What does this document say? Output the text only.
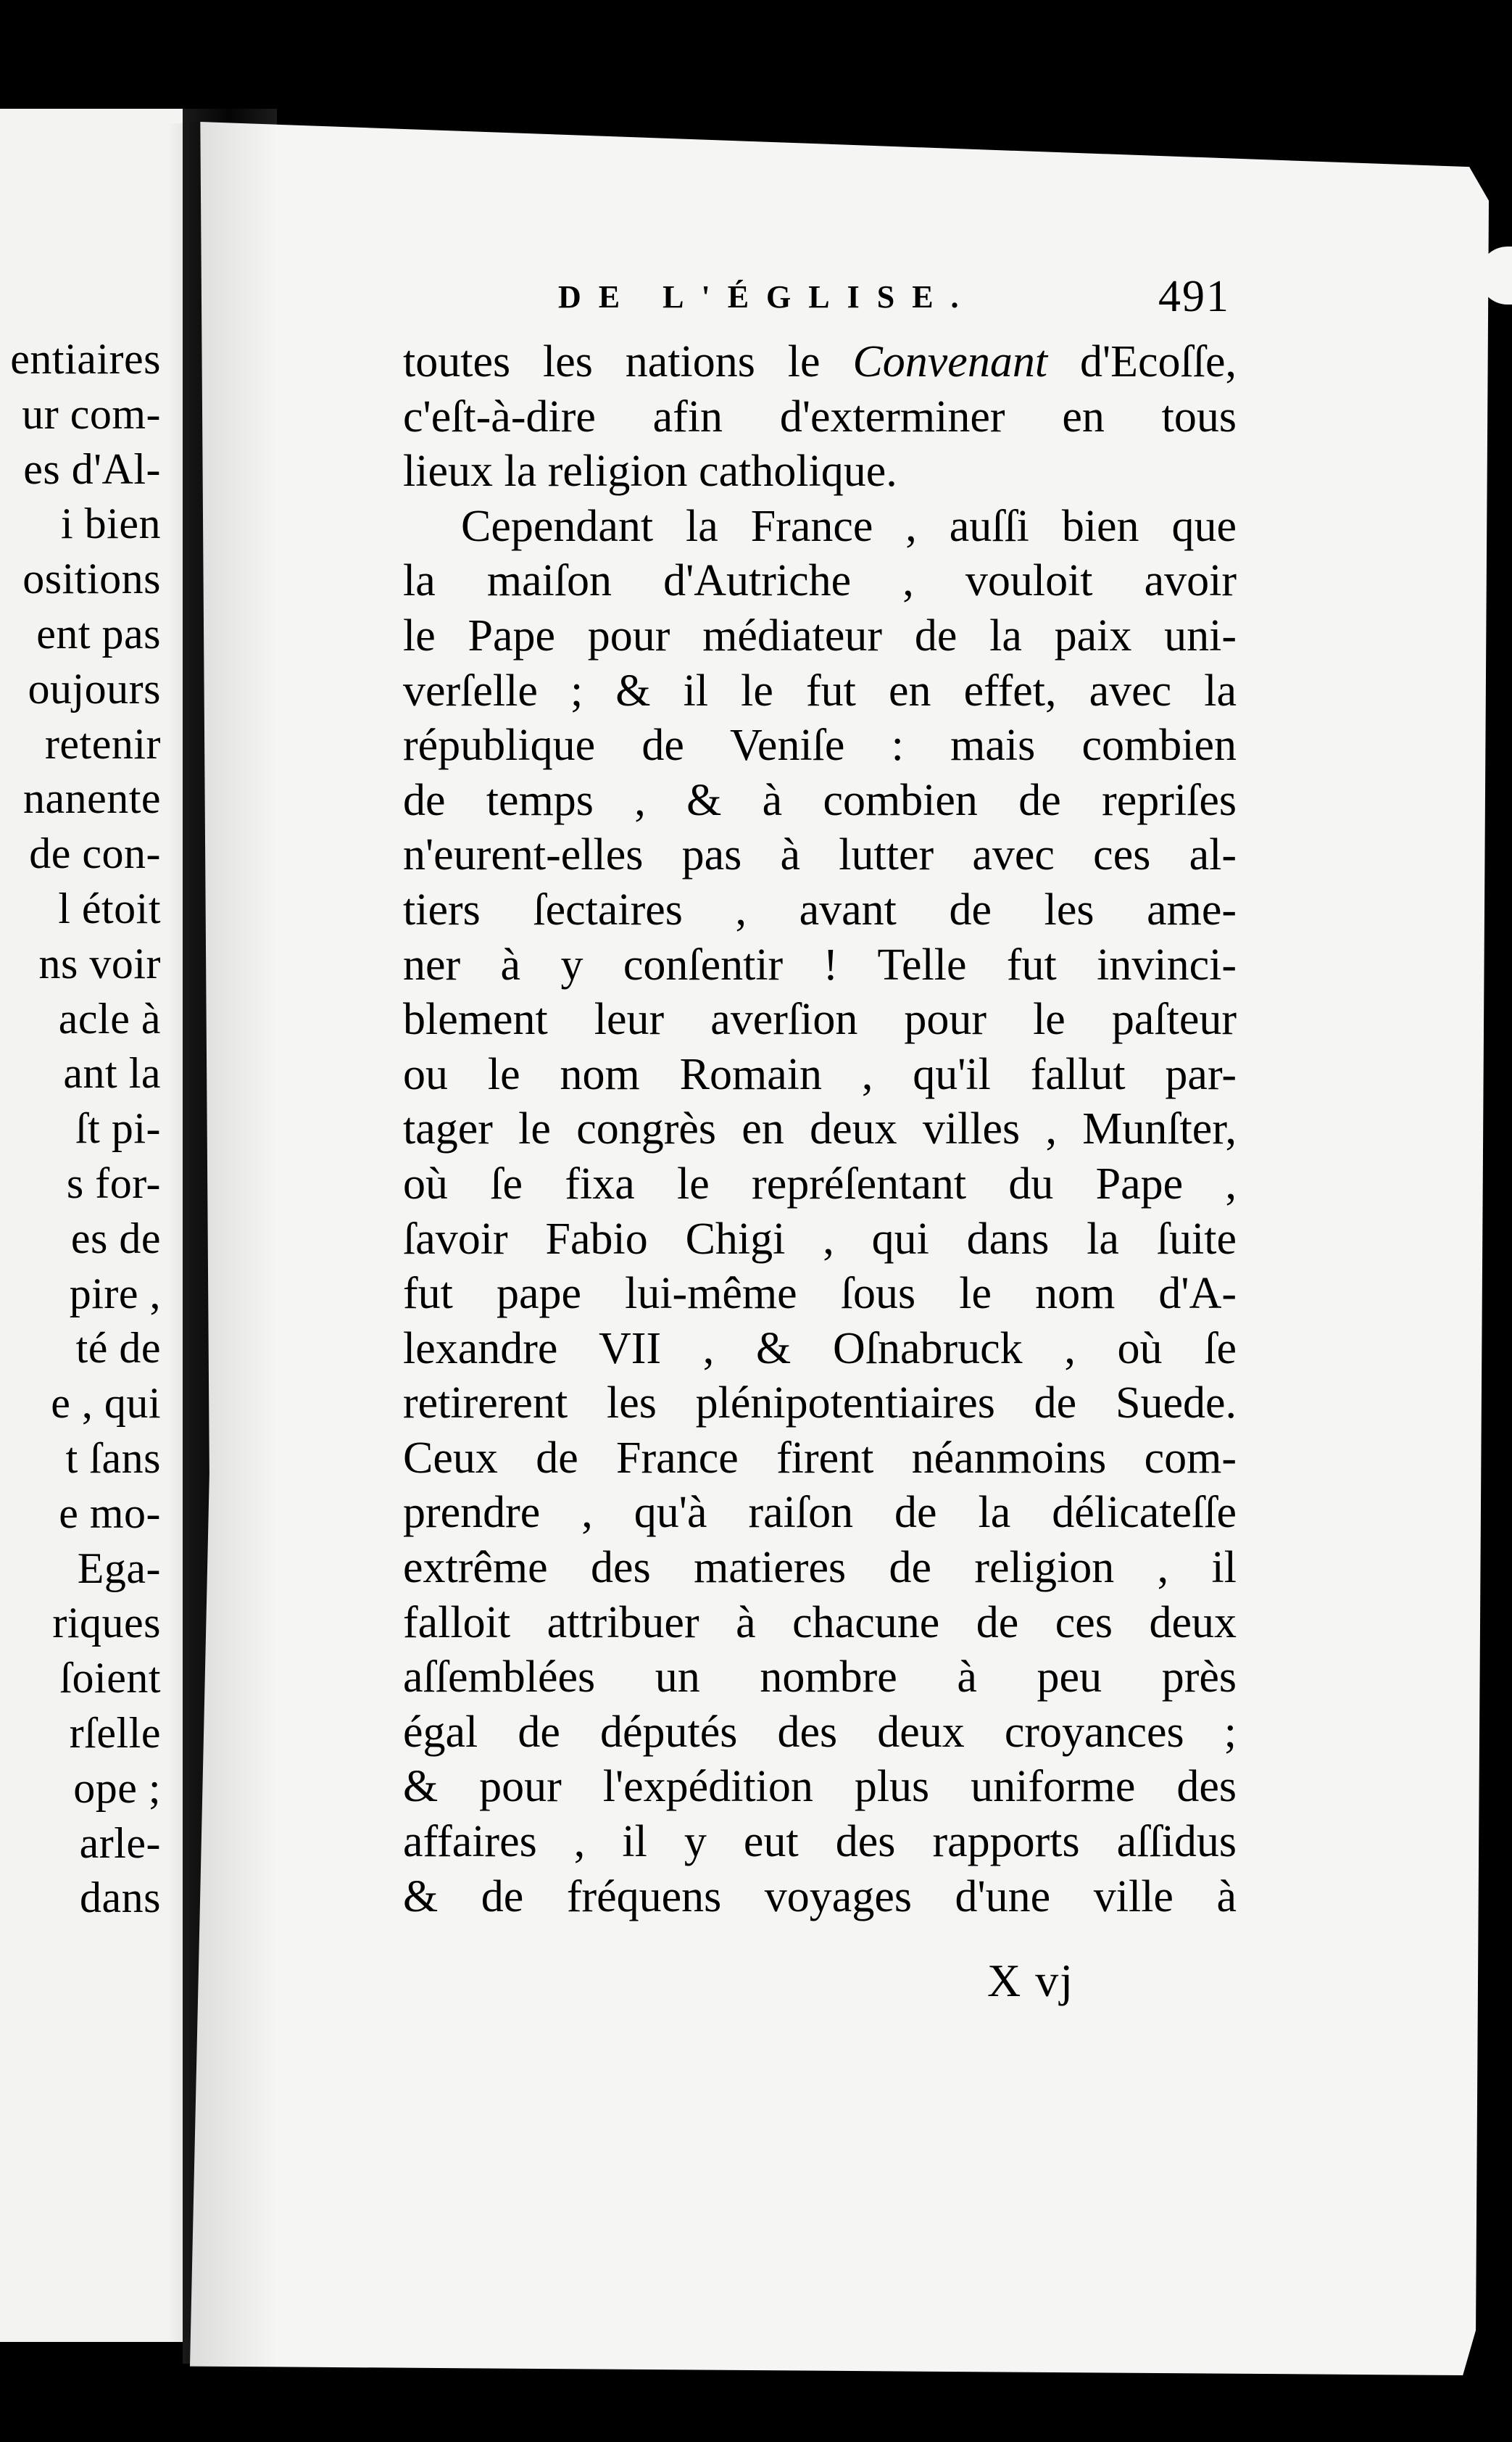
entiaires
ur com-
es d'Al-
i bien
ositions
ent pas
oujours
retenir
nanente
de con-
l étoit
ns voir
acle à
ant la
ſt pi-
s for-
es de
pire ,
té de
e , qui
t ſans
e mo-
Ega-
riques
ſoient
rſelle
ope ;
arle-
dans
DE L'ÉGLISE.	491
toutes les nations le Convenant d'Ecoſſe,
c'eſt-à-dire afin d'exterminer en tous
lieux la religion catholique.
Cependant la France , auſſi bien que
la maiſon d'Autriche , vouloit avoir
le Pape pour médiateur de la paix uni-
verſelle ; & il le fut en effet, avec la
république de Veniſe : mais combien
de temps , & à combien de repriſes
n'eurent-elles pas à lutter avec ces al-
tiers ſectaires , avant de les ame-
ner à y conſentir ! Telle fut invinci-
blement leur averſion pour le paſteur
ou le nom Romain , qu'il fallut par-
tager le congrès en deux villes , Munſter,
où ſe fixa le repréſentant du Pape ,
ſavoir Fabio Chigi , qui dans la ſuite
fut pape lui-même ſous le nom d'A-
lexandre VII , & Oſnabruck , où ſe
retirerent les plénipotentiaires de Suede.
Ceux de France firent néanmoins com-
prendre , qu'à raiſon de la délicateſſe
extrême des matieres de religion , il
falloit attribuer à chacune de ces deux
aſſemblées un nombre à peu près
égal de députés des deux croyances ;
& pour l'expédition plus uniforme des
affaires , il y eut des rapports aſſidus
& de fréquens voyages d'une ville à
X vj
